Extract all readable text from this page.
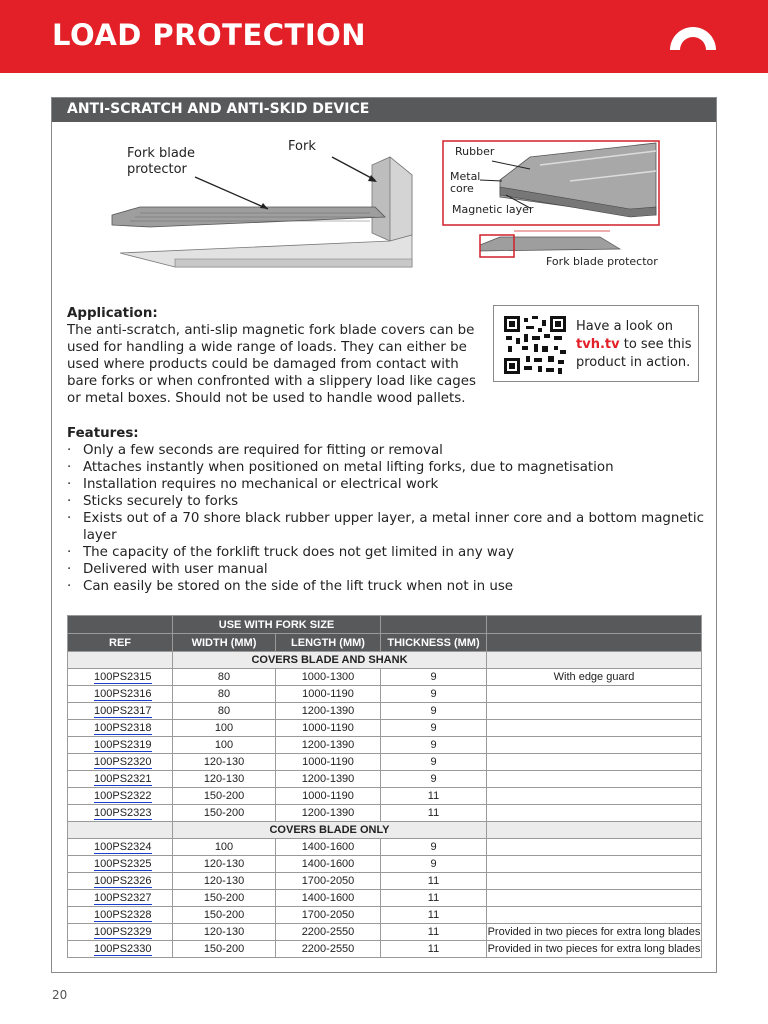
LOAD PROTECTION
ANTI-SCRATCH AND ANTI-SKID DEVICE
Fork blade
protector
Fork	Rubber
Metal
core
Magnetic layer
Fork blade protector
Application:
The anti-scratch, anti-slip magnetic fork blade covers can be used for handling a wide range of loads. They can either be used where products could be damaged from contact with bare forks or when confronted with a slippery load like cages or metal boxes. Should not be used to handle wood pallets.
Have a look on
tvh.tv to see this product in action.
Features:
· Only a few seconds are required for fitting or removal
· Attaches instantly when positioned on metal lifting forks, due to magnetisation
· Installation requires no mechanical or electrical work
· Sticks securely to forks
· Exists out of a 70 shore black rubber upper layer, a metal inner core and a bottom magnetic layer
· The capacity of the forklift truck does not get limited in any way
· Delivered with user manual
· Can easily be stored on the side of the lift truck when not in use
	USE WITH FORK SIZE			
REF	WIDTH (MM)	LENGTH (MM)	THICKNESS (MM)	
	COVERS BLADE AND SHANK			
100PS2315	80	1000-1300	9	With edge guard
100PS2316	80	1000-1190	9	
100PS2317	80	1200-1390	9	
100PS2318	100	1000-1190	9	
100PS2319	100	1200-1390	9	
100PS2320	120-130	1000-1190	9	
100PS2321	120-130	1200-1390	9	
100PS2322	150-200	1000-1190	11	
100PS2323	150-200	1200-1390	11	
	COVERS BLADE ONLY			
100PS2324	100	1400-1600	9	
100PS2325	120-130	1400-1600	9	
100PS2326	120-130	1700-2050	11	
100PS2327	150-200	1400-1600	11	
100PS2328	150-200	1700-2050	11	
100PS2329	120-130	2200-2550	11	Provided in two pieces for extra long blades
100PS2330	150-200	2200-2550	11	Provided in two pieces for extra long blades
20
